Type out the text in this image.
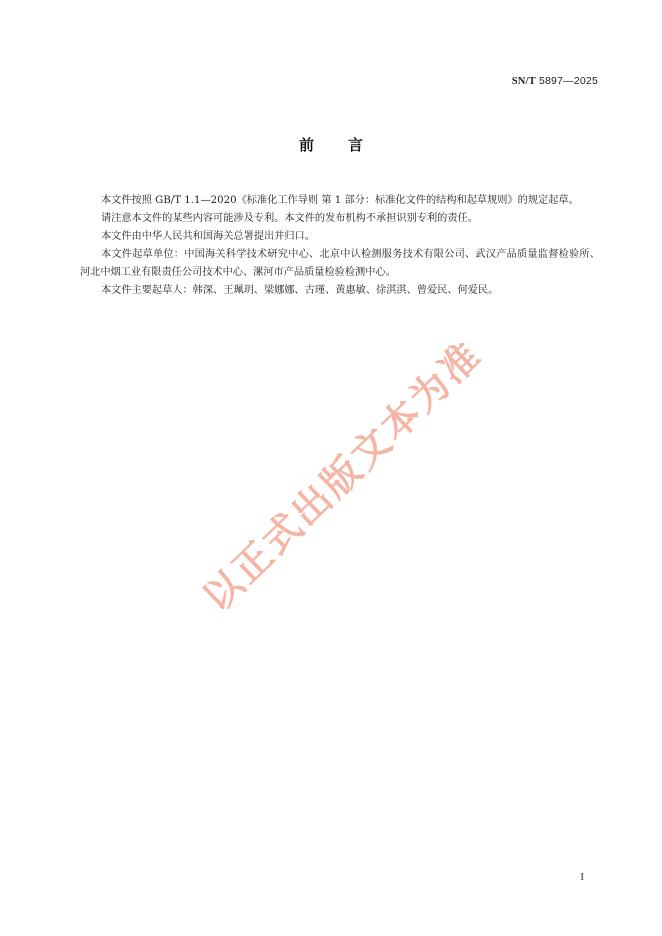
SN/T 5897—2025
前言

本文件按照 GB/T 1.1—2020《标准化工作导则 第 1 部分：标准化文件的结构和起草规则》的规定起草。

请注意本文件的某些内容可能涉及专利。本文件的发布机构不承担识别专利的责任。

本文件由中华人民共和国海关总署提出并归口。

本文件起草单位：中国海关科学技术研究中心、北京中认检测服务技术有限公司、武汉产品质量监督检验所、河北中烟工业有限责任公司技术中心、漯河市产品质量检验检测中心。

本文件主要起草人：韩深、王珮玥、梁娜娜、古瑾、黄惠敏、徐淇淇、曾爱民、何爱民。

以正式出版文本为准
I
